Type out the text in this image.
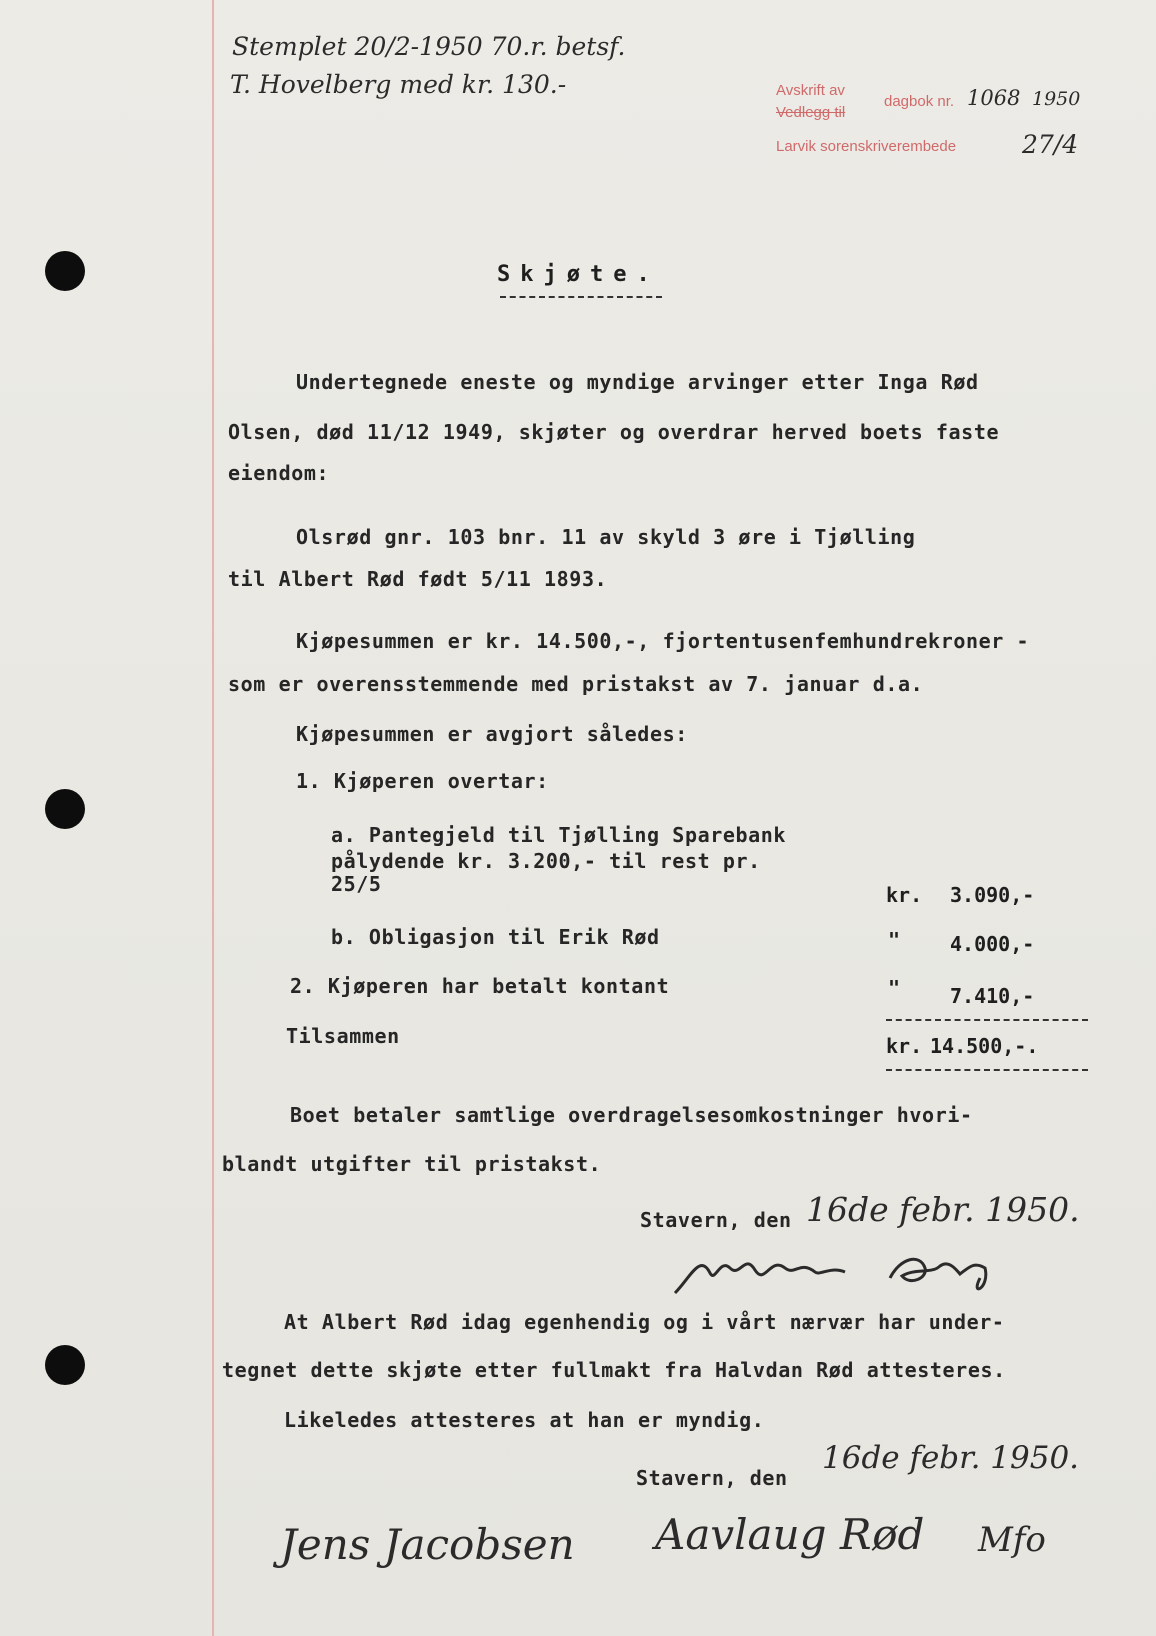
Stemplet 20/2-1950 70.r. betsf.
T. Hovelberg med kr. 130.-	Avskrift av
Vedlegg til
dagbok nr. 1068 1950
Larvik sorenskriverembede	27/4
Skjøte.
Undertegnede eneste og myndige arvinger etter Inga Rød
Olsen, død 11/12 1949, skjøter og overdrar herved boets faste
eiendom:
Olsrød gnr. 103 bnr. 11 av skyld 3 øre i Tjølling
til Albert Rød født 5/11 1893.
Kjøpesummen er kr. 14.500,-, fjortentusenfemhundrekroner -
som er overensstemmende med pristakst av 7. januar d.a.
Kjøpesummen er avgjort således:
1. Kjøperen overtar:
a. Pantegjeld til Tjølling Sparebank
pålydende kr. 3.200,- til rest pr.
25/5	kr. 3.090,-
b. Obligasjon til Erik Rød	" 4.000,-
2. Kjøperen har betalt kontant	" 7.410,-
Tilsammen	kr. 14.500,-.
Boet betaler samtlige overdragelsesomkostninger hvori-
blandt utgifter til pristakst.
Stavern, den 16de febr. 1950.
At Albert Rød idag egenhendig og i vårt nærvær har under-
tegnet dette skjøte etter fullmakt fra Halvdan Rød attesteres.
Likeledes attesteres at han er myndig.
Stavern, den
16de febr. 1950.
Jens Jacobsen Aavlaug Rød Mfo
